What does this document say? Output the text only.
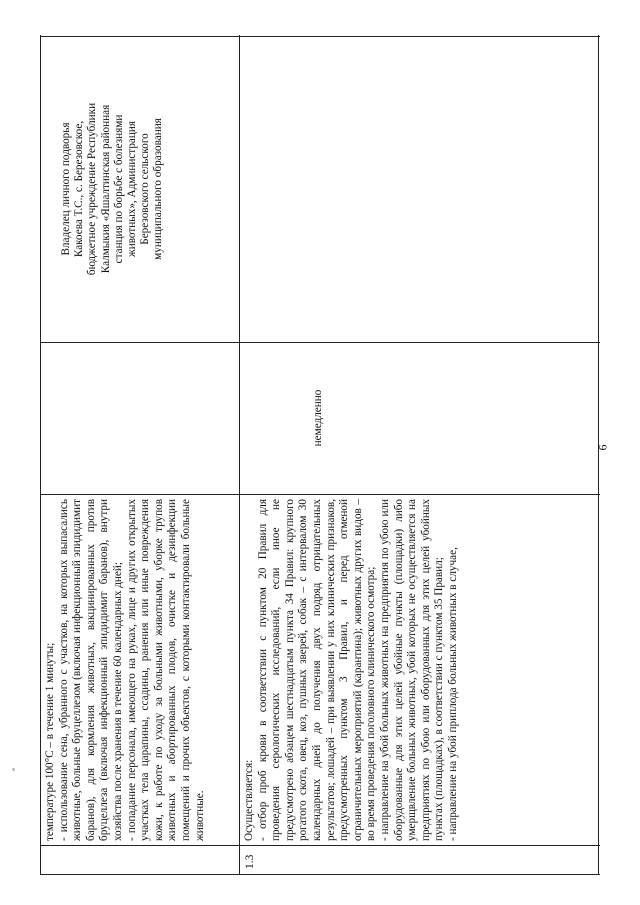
температуре 100°С – в течение 1 минуты; - использование сена, убранного с участков, на которых выпасались животные, больные бруцеллезом (включая инфекционный эпидидимит баранов), для кормления животных, вакцинированных против бруцеллеза (включая инфекционный эпидидимит баранов), внутри хозяйства после хранения в течение 60 календарных дней; - попадание персонала, имеющего на руках, лице и других открытых участках тела царапины, ссадины, ранения или иные повреждения кожи, к работе по уходу за больными животными, уборке трупов животных и абортированных плодов, очистке и дезинфекции помещений и прочих объектов, с которыми контактировали больные животные.

Владелец личного подворья Какоева Т.С., с. Березовское, бюджетное учреждение Республики Калмыкия «Яшалтинская районная станция по борьбе с болезнями животных», Администрация Березовского сельского муниципального образования

1.3

Осуществляется: - отбор проб крови в соответствии с пунктом 20 Правил для проведения серологических исследований, если иное не предусмотрено абзацем шестнадцатым пункта 34 Правил: крупного рогатого скота, овец, коз, пушных зверей, собак – с интервалом 30 календарных дней до получения двух подряд отрицательных результатов; лошадей – при выявлении у них клинических признаков, предусмотренных пунктом 3 Правил, и перед отменой ограничительных мероприятий (карантина); животных других видов – во время проведения поголовного клинического осмотра; - направление на убой больных животных на предприятия по убою или оборудованные для этих целей убойные пункты (площадки) либо умерщвление больных животных, убой которых не осуществляется на предприятиях по убою или оборудованных для этих целей убойных пунктах (площадках), в соответствии с пунктом 35 Правил; - направление на убой приплода больных животных в случае,

немедленно
6
